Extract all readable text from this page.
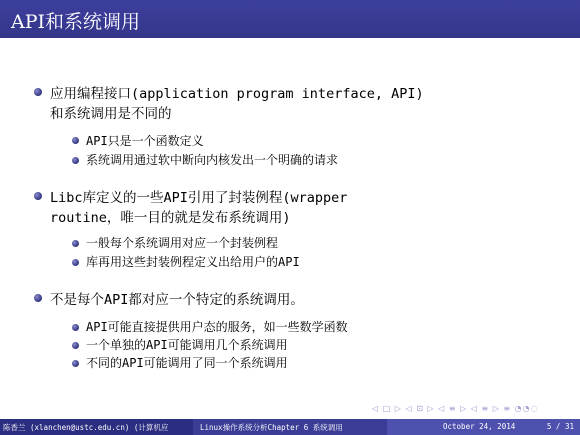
API和系统调用
应用编程接口(application program interface, API)
和系统调用是不同的
API只是一个函数定义
系统调用通过软中断向内核发出一个明确的请求
Libc库定义的一些API引用了封装例程(wrapper
routine，唯一目的就是发布系统调用)
一般每个系统调用对应一个封装例程
库再用这些封装例程定义出给用户的API
不是每个API都对应一个特定的系统调用。
API可能直接提供用户态的服务，如一些数学函数
一个单独的API可能调用几个系统调用
不同的API可能调用了同一个系统调用
◁ □ ▷ ◁ ⊡ ▷ ◁ ≡ ▷ ◁ ≡ ▷ ≡ ◔◔◌
陈香兰 (xlanchen@ustc.edu.cn) (计算机应	Linux操作系统分析Chapter 6 系统调用	October 24, 2014	5 / 31
